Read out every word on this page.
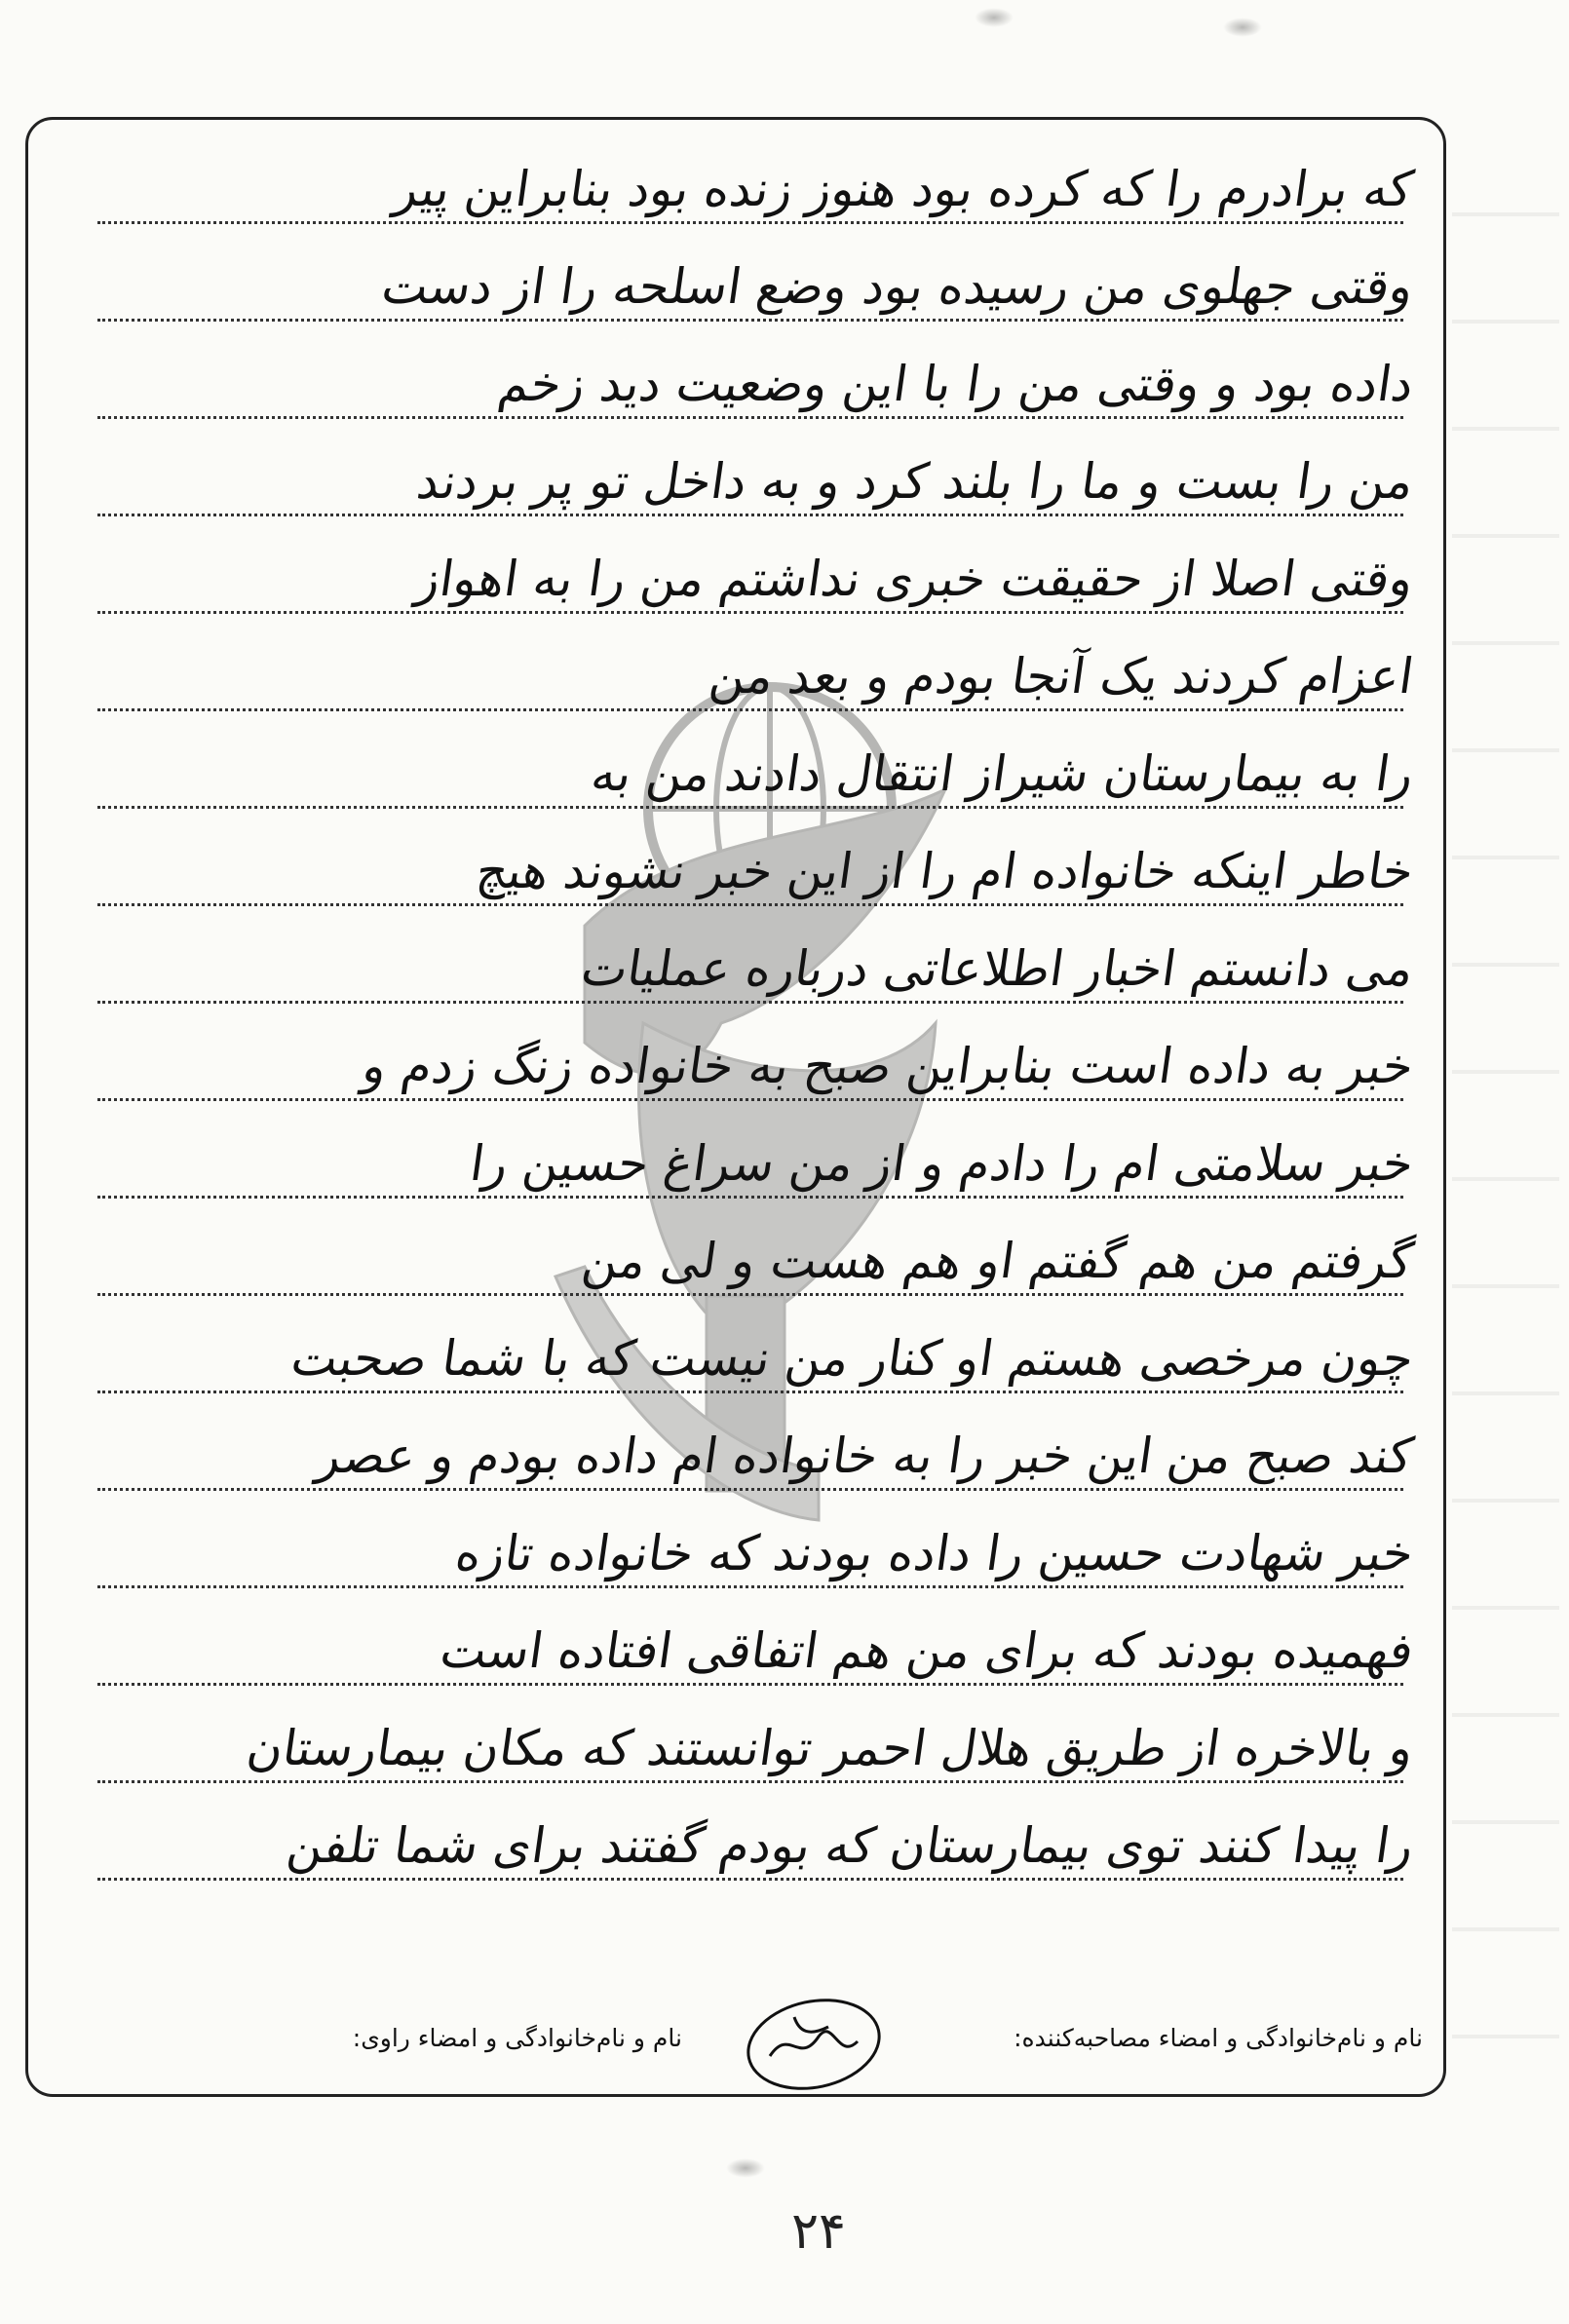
که برادرم را که کرده بود هنوز زنده بود بنابراین پیر
وقتی جهلوی من رسیده بود وضع اسلحه را از دست
داده بود و وقتی من را با این وضعیت دید زخم
من را بست و ما را بلند کرد و به داخل تو پر بردند
وقتی اصلا از حقیقت خبری نداشتم من را به اهواز
اعزام کردند یک آنجا بودم و بعد من
را به بیمارستان شیراز انتقال دادند من به
خاطر اینکه خانواده ام را از این خبر نشوند هیچ
می دانستم اخبار اطلاعاتی درباره عملیات
خبر به داده است بنابراین صبح به خانواده زنگ زدم و
خبر سلامتی ام را دادم و از من سراغ حسین را
گرفتم من هم گفتم او هم هست و لی من
چون مرخصی هستم او کنار من نیست که با شما صحبت
کند صبح من این خبر را به خانواده ام داده بودم و عصر
خبر شهادت حسین را داده بودند که خانواده تازه
فهمیده بودند که برای من هم اتفاقی افتاده است
و بالاخره از طریق هلال احمر توانستند که مکان بیمارستان
را پیدا کنند توی بیمارستان که بودم گفتند برای شما تلفن
نام و نام‌خانوادگی و امضاء مصاحبه‌کننده:
نام و نام‌خانوادگی و امضاء راوی:
۲۴
